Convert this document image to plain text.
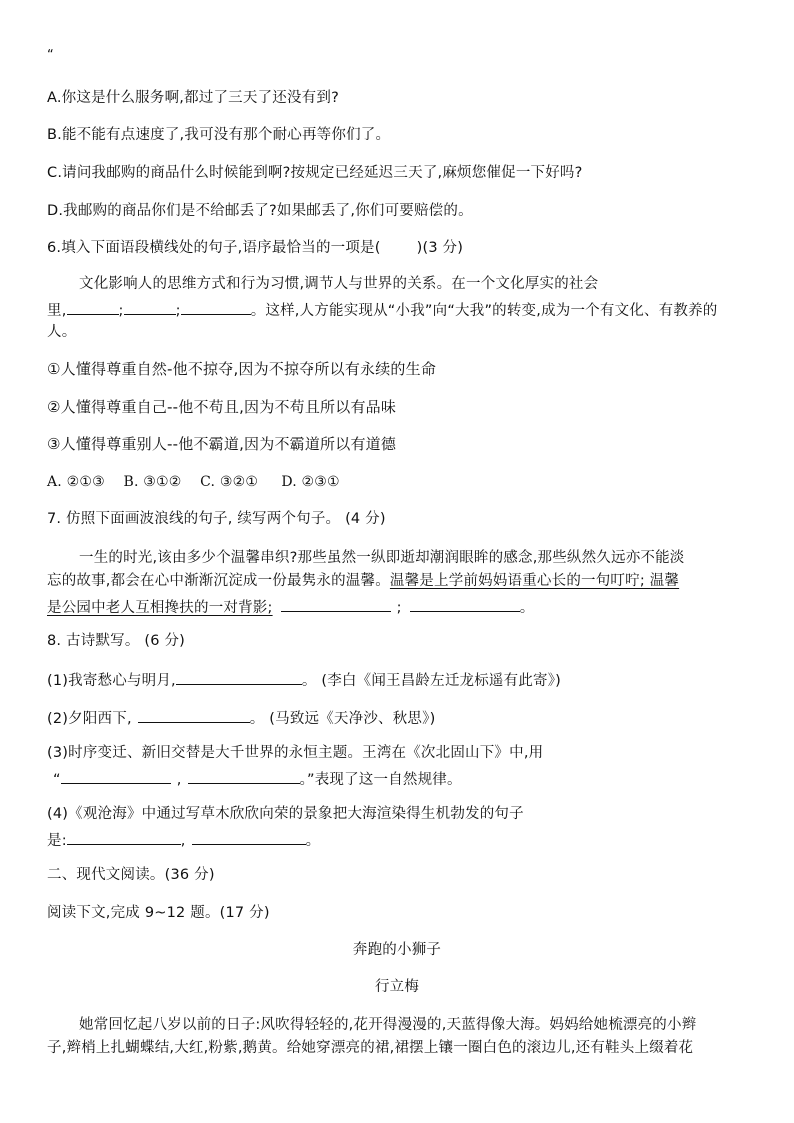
“
A.你这是什么服务啊,都过了三天了还没有到?
B.能不能有点速度了,我可没有那个耐心再等你们了。
C.请问我邮购的商品什么时候能到啊?按规定已经延迟三天了,麻烦您催促一下好吗?
D.我邮购的商品你们是不给邮丢了?如果邮丢了,你们可要赔偿的。
6.填入下面语段横线处的句子,语序最恰当的一项是( )(3 分)
文化影响人的思维方式和行为习惯,调节人与世界的关系。在一个文化厚实的社会
里,	;	;	。这样,人方能实现从“小我”向“大我”的转变,成为一个有文化、有教养的
人。
①人懂得尊重自然-他不掠夺,因为不掠夺所以有永续的生命
②人懂得尊重自己--他不苟且,因为不苟且所以有品味
③人懂得尊重别人--他不霸道,因为不霸道所以有道德
A. ②①③    B. ③①②    C. ③②①     D. ②③①
7. 仿照下面画波浪线的句子, 续写两个句子。 (4 分)
一生的时光,该由多少个温馨串织?那些虽然一纵即逝却潮润眼眸的感念,那些纵然久远亦不能淡
忘的故事,都会在心中渐渐沉淀成一份最隽永的温馨。温馨是上学前妈妈语重心长的一句叮咛; 温馨
是公园中老人互相搀扶的一对背影;	;	。
8. 古诗默写。 (6 分)
(1)我寄愁心与明月,	。 (李白《闻王昌龄左迁龙标遥有此寄》)
(2)夕阳西下,	。 (马致远《天净沙、秋思》)
(3)时序变迁、新旧交替是大千世界的永恒主题。王湾在《次北固山下》中,用
“	,	。”表现了这一自然规律。
(4)《观沧海》中通过写草木欣欣向荣的景象把大海渲染得生机勃发的句子
是:	,	。
二、现代文阅读。(36 分)
阅读下文,完成 9~12 题。(17 分)
奔跑的小狮子
行立梅
她常回忆起八岁以前的日子:风吹得轻轻的,花开得漫漫的,天蓝得像大海。妈妈给她梳漂亮的小辫
子,辫梢上扎蝴蝶结,大红,粉紫,鹅黄。给她穿漂亮的裙,裙摆上镶一圈白色的滚边儿,还有鞋头上缀着花
